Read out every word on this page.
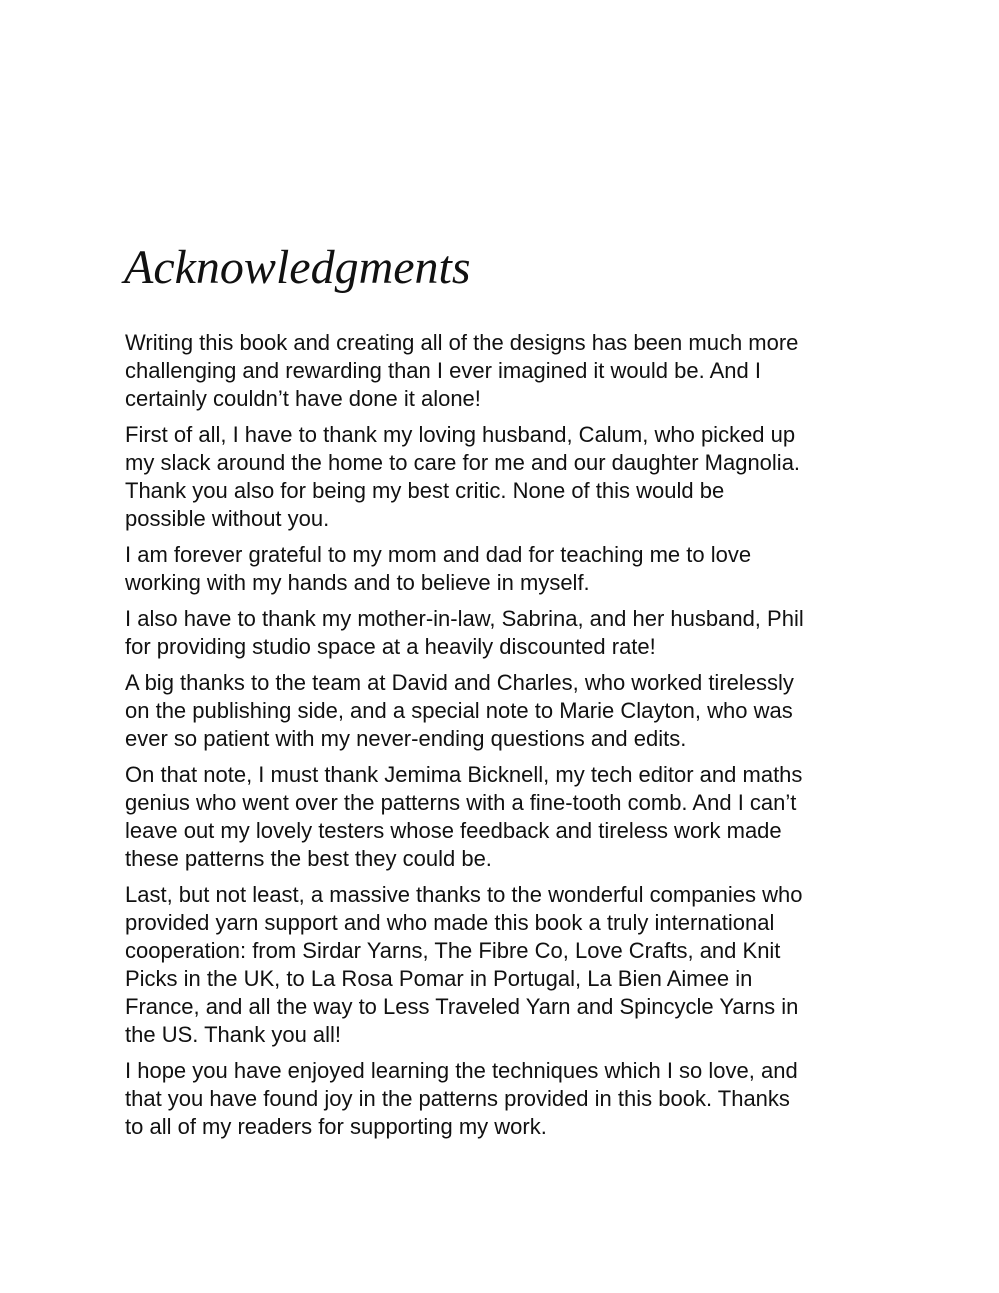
Acknowledgments

Writing this book and creating all of the designs has been much more
challenging and rewarding than I ever imagined it would be. And I
certainly couldn’t have done it alone!

First of all, I have to thank my loving husband, Calum, who picked up
my slack around the home to care for me and our daughter Magnolia.
Thank you also for being my best critic. None of this would be
possible without you.

I am forever grateful to my mom and dad for teaching me to love
working with my hands and to believe in myself.

I also have to thank my mother-in-law, Sabrina, and her husband, Phil
for providing studio space at a heavily discounted rate!

A big thanks to the team at David and Charles, who worked tirelessly
on the publishing side, and a special note to Marie Clayton, who was
ever so patient with my never-ending questions and edits.

On that note, I must thank Jemima Bicknell, my tech editor and maths
genius who went over the patterns with a fine-tooth comb. And I can’t
leave out my lovely testers whose feedback and tireless work made
these patterns the best they could be.

Last, but not least, a massive thanks to the wonderful companies who
provided yarn support and who made this book a truly international
cooperation: from Sirdar Yarns, The Fibre Co, Love Crafts, and Knit
Picks in the UK, to La Rosa Pomar in Portugal, La Bien Aimee in
France, and all the way to Less Traveled Yarn and Spincycle Yarns in
the US. Thank you all!

I hope you have enjoyed learning the techniques which I so love, and
that you have found joy in the patterns provided in this book. Thanks
to all of my readers for supporting my work.
